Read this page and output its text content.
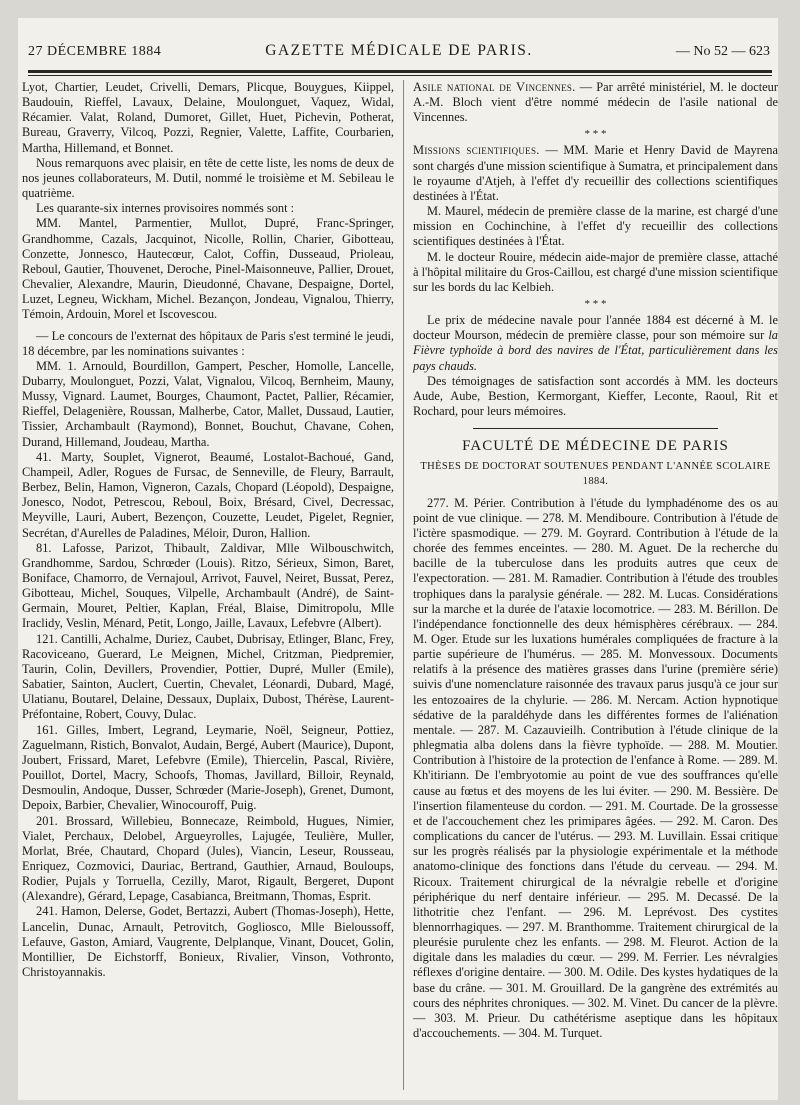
27 DÉCEMBRE 1884	GAZETTE MÉDICALE DE PARIS.	— No 52 — 623

Lyot, Chartier, Leudet, Crivelli, Demars, Plicque, Bouygues, Kiippel, Baudouin, Rieffel, Lavaux, Delaine, Moulonguet, Vaquez, Widal, Récamier. Valat, Roland, Dumoret, Gillet, Huet, Pichevin, Potherat, Bureau, Graverry, Vilcoq, Pozzi, Regnier, Valette, Laffite, Courbarien, Martha, Hillemand, et Bonnet.

Nous remarquons avec plaisir, en tête de cette liste, les noms de deux de nos jeunes collaborateurs, M. Dutil, nommé le troisième et M. Sebileau le quatrième.

Les quarante-six internes provisoires nommés sont :

MM. Mantel, Parmentier, Mullot, Dupré, Franc-Springer, Grandhomme, Cazals, Jacquinot, Nicolle, Rollin, Charier, Gibotteau, Conzette, Jonnesco, Hautecœur, Calot, Coffin, Dusseaud, Prioleau, Reboul, Gautier, Thouvenet, Deroche, Pinel-Maisonneuve, Pallier, Drouet, Chevalier, Alexandre, Maurin, Dieudonné, Chavane, Despaigne, Dortel, Luzet, Legneu, Wickham, Michel. Bezançon, Jondeau, Vignalou, Thierry, Témoin, Ardouin, Morel et Iscovescou.

— Le concours de l'externat des hôpitaux de Paris s'est terminé le jeudi, 18 décembre, par les nominations suivantes :

MM. 1. Arnould, Bourdillon, Gampert, Pescher, Homolle, Lancelle, Dubarry, Moulonguet, Pozzi, Valat, Vignalou, Vilcoq, Bernheim, Mauny, Mussy, Vignard. Laumet, Bourges, Chaumont, Pactet, Pallier, Récamier, Rieffel, Delagenière, Roussan, Malherbe, Cator, Mallet, Dussaud, Lautier, Tissier, Archambault (Raymond), Bonnet, Bouchut, Chavane, Cohen, Durand, Hillemand, Joudeau, Martha.

41. Marty, Souplet, Vignerot, Beaumé, Lostalot-Bachoué, Gand, Champeil, Adler, Rogues de Fursac, de Senneville, de Fleury, Barrault, Berbez, Belin, Hamon, Vigneron, Cazals, Chopard (Léopold), Despaigne, Jonesco, Nodot, Petrescou, Reboul, Boix, Brésard, Civel, Decressac, Meyville, Lauri, Aubert, Bezençon, Couzette, Leudet, Pigelet, Regnier, Secrétan, d'Aurelles de Paladines, Méloir, Duron, Hallion.

81. Lafosse, Parizot, Thibault, Zaldivar, Mlle Wilbouschwitch, Grandhomme, Sardou, Schrœder (Louis). Ritzo, Sérieux, Simon, Baret, Boniface, Chamorro, de Vernajoul, Arrivot, Fauvel, Neiret, Bussat, Perez, Gibotteau, Michel, Souques, Vilpelle, Archambault (André), de Saint-Germain, Mouret, Peltier, Kaplan, Fréal, Blaise, Dimitropolu, Mlle Iraclidy, Veslin, Ménard, Petit, Longo, Jaille, Lavaux, Lefebvre (Albert).

121. Cantilli, Achalme, Duriez, Caubet, Dubrisay, Etlinger, Blanc, Frey, Racoviceano, Guerard, Le Meignen, Michel, Critzman, Piedpremier, Taurin, Colin, Devillers, Provendier, Pottier, Dupré, Muller (Emile), Sabatier, Sainton, Auclert, Cuertin, Chevalet, Léonardi, Dubard, Magé, Ulatianu, Boutarel, Delaine, Dessaux, Duplaix, Dubost, Thérèse, Laurent-Préfontaine, Robert, Couvy, Dulac.

161. Gilles, Imbert, Legrand, Leymarie, Noël, Seigneur, Pottiez, Zaguelmann, Ristich, Bonvalot, Audain, Bergé, Aubert (Maurice), Dupont, Joubert, Frissard, Maret, Lefebvre (Emile), Thiercelin, Pascal, Rivière, Pouillot, Dortel, Macry, Schoofs, Thomas, Javillard, Billoir, Reynald, Desmoulin, Andoque, Dusser, Schrœder (Marie-Joseph), Grenet, Dumont, Depoix, Barbier, Chevalier, Winocouroff, Puig.

201. Brossard, Willebieu, Bonnecaze, Reimbold, Hugues, Nimier, Vialet, Perchaux, Delobel, Argueyrolles, Lajugée, Teulière, Muller, Morlat, Brée, Chautard, Chopard (Jules), Viancin, Leseur, Rousseau, Enriquez, Cozmovici, Dauriac, Bertrand, Gauthier, Arnaud, Bouloups, Rodier, Pujals y Torruella, Cezilly, Marot, Rigault, Bergeret, Dupont (Alexandre), Gérard, Lepage, Casabianca, Breitmann, Thomas, Esprit.

241. Hamon, Delerse, Godet, Bertazzi, Aubert (Thomas-Joseph), Hette, Lancelin, Dunac, Arnault, Petrovitch, Gogliosco, Mlle Bieloussoff, Lefauve, Gaston, Amiard, Vaugrente, Delplanque, Vinant, Doucet, Golin, Montillier, De Eichstorff, Bonieux, Rivalier, Vinson, Vothronto, Christoyannakis.

Asile national de Vincennes. — Par arrêté ministériel, M. le docteur A.-M. Bloch vient d'être nommé médecin de l'asile national de Vincennes.

* * *

Missions scientifiques. — MM. Marie et Henry David de Mayrena sont chargés d'une mission scientifique à Sumatra, et principalement dans le royaume d'Atjeh, à l'effet d'y recueillir des collections scientifiques destinées à l'État.

M. Maurel, médecin de première classe de la marine, est chargé d'une mission en Cochinchine, à l'effet d'y recueillir des collections scientifiques destinées à l'État.

M. le docteur Rouire, médecin aide-major de première classe, attaché à l'hôpital militaire du Gros-Caillou, est chargé d'une mission scientifique sur les bords du lac Kelbieh.

* * *

Le prix de médecine navale pour l'année 1884 est décerné à M. le docteur Mourson, médecin de première classe, pour son mémoire sur la Fièvre typhoïde à bord des navires de l'État, particulièrement dans les pays chauds.

Des témoignages de satisfaction sont accordés à MM. les docteurs Aude, Aube, Bestion, Kermorgant, Kieffer, Leconte, Raoul, Rit et Rochard, pour leurs mémoires.

FACULTÉ DE MÉDECINE DE PARIS
THÈSES DE DOCTORAT SOUTENUES PENDANT L'ANNÉE SCOLAIRE 1884.

277. M. Périer. Contribution à l'étude du lymphadénome des os au point de vue clinique. — 278. M. Mendiboure. Contribution à l'étude de l'ictère spasmodique. — 279. M. Goyrard. Contribution à l'étude de la chorée des femmes enceintes. — 280. M. Aguet. De la recherche du bacille de la tuberculose dans les produits autres que ceux de l'expectoration. — 281. M. Ramadier. Contribution à l'étude des troubles trophiques dans la paralysie générale. — 282. M. Lucas. Considérations sur la marche et la durée de l'ataxie locomotrice. — 283. M. Bérillon. De l'indépendance fonctionnelle des deux hémisphères cérébraux. — 284. M. Oger. Etude sur les luxations humérales compliquées de fracture à la partie supérieure de l'humérus. — 285. M. Monvessoux. Documents relatifs à la présence des matières grasses dans l'urine (première série) suivis d'une nomenclature raisonnée des travaux parus jusqu'à ce jour sur les entozoaires de la chylurie. — 286. M. Nercam. Action hypnotique sédative de la paraldéhyde dans les différentes formes de l'aliénation mentale. — 287. M. Cazauvieilh. Contribution à l'étude clinique de la phlegmatia alba dolens dans la fièvre typhoïde. — 288. M. Moutier. Contribution à l'histoire de la protection de l'enfance à Rome. — 289. M. Kh'itiriann. De l'embryotomie au point de vue des souffrances qu'elle cause au fœtus et des moyens de les lui éviter. — 290. M. Bessière. De l'insertion filamenteuse du cordon. — 291. M. Courtade. De la grossesse et de l'accouchement chez les primipares âgées. — 292. M. Caron. Des complications du cancer de l'utérus. — 293. M. Luvillain. Essai critique sur les progrès réalisés par la physiologie expérimentale et la méthode anatomo-clinique des fonctions dans l'étude du cerveau. — 294. M. Ricoux. Traitement chirurgical de la névralgie rebelle et d'origine périphérique du nerf dentaire inférieur. — 295. M. Decassé. De la lithotritie chez l'enfant. — 296. M. Leprévost. Des cystites blennorrhagiques. — 297. M. Branthomme. Traitement chirurgical de la pleurésie purulente chez les enfants. — 298. M. Fleurot. Action de la digitale dans les maladies du cœur. — 299. M. Ferrier. Les névralgies réflexes d'origine dentaire. — 300. M. Odile. Des kystes hydatiques de la base du crâne. — 301. M. Grouillard. De la gangrène des extrémités au cours des néphrites chroniques. — 302. M. Vinet. Du cancer de la plèvre. — 303. M. Prieur. Du cathétérisme aseptique dans les hôpitaux d'accouchements. — 304. M. Turquet.
